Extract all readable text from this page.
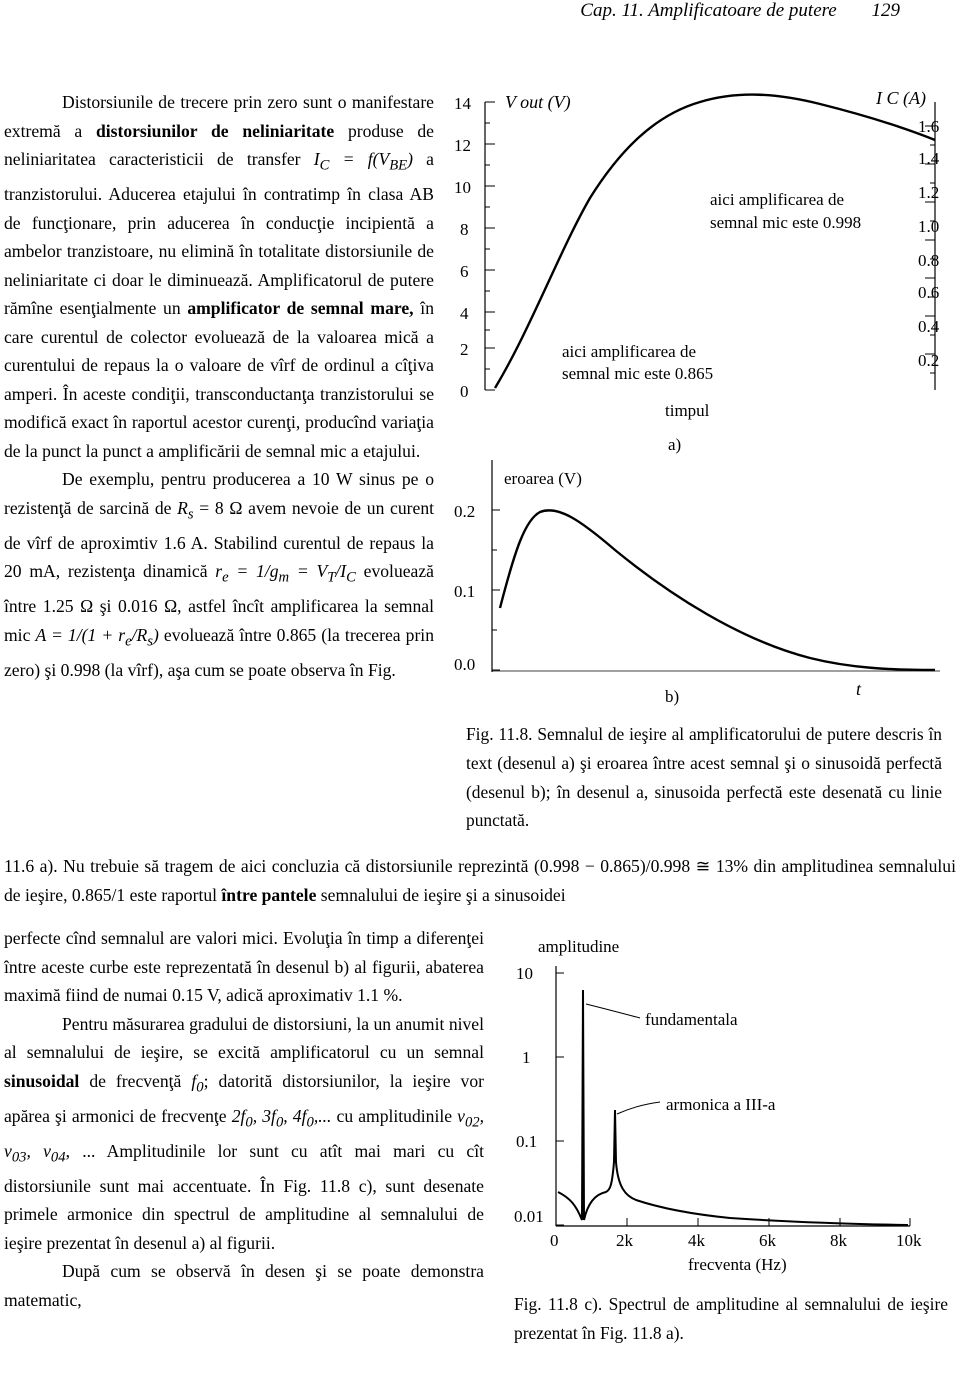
Cap. 11. Amplificatoare de putere 129

Distorsiunile de trecere prin zero sunt o manifestare extremă a distorsiunilor de neliniaritate produse de neliniaritatea caracteristicii de transfer $I_C = f(V_{BE})$ a tranzistorului. Aducerea etajului în contratimp în clasa AB de funcţionare, prin aducerea în conducţie incipientă a ambelor tranzistoare, nu elimină în totalitate distorsiunile de neliniaritate ci doar le diminuează. Amplificatorul de putere rămîne esenţialmente un amplificator de semnal mare, în care curentul de colector evoluează de la valoarea mică a curentului de repaus la o valoare de vîrf de ordinul a cîţiva amperi. În aceste condiţii, transconductanţa tranzistorului se modifică exact în raportul acestor curenţi, producînd variaţia de la punct la punct a amplificării de semnal mic a etajului.

De exemplu, pentru producerea a 10 W sinus pe o rezistenţă de sarcină de $R_s = 8$ Ω avem nevoie de un curent de vîrf de aproximtiv 1.6 A. Stabilind curentul de repaus la 20 mA, rezistenţa dinamică $r_e = 1/g_m = V_T/I_C$ evoluează între 1.25 Ω şi 0.016 Ω, astfel încît amplificarea la semnal mic $A = 1/(1 + r_e/R_s)$ evoluează între 0.865 (la trecerea prin zero) şi 0.998 (la vîrf), aşa cum se poate observa în Fig.

11.6 a). Nu trebuie să tragem de aici concluzia că distorsiunile reprezintă (0.998 − 0.865)/0.998 ≅ 13% din amplitudinea semnalului de ieşire, 0.865/1 este raportul între pantele semnalului de ieşire şi a sinusoidei

perfecte cînd semnalul are valori mici. Evoluţia în timp a diferenţei între aceste curbe este reprezentată în desenul b) al figurii, abaterea maximă fiind de numai 0.15 V, adică aproximativ 1.1 %.

Pentru măsurarea gradului de distorsiuni, la un anumit nivel al semnalului de ieşire, se excită amplificatorul cu un semnal sinusoidal de frecvenţă $f_0$; datorită distorsiunilor, la ieşire vor apărea şi armonici de frecvenţe $2f_0$, $3f_0$, $4f_0$,... cu amplitudinile $v_{02}$, $v_{03}$, $v_{04}$, ... Amplitudinile lor sunt cu atît mai mari cu cît distorsiunile sunt mai accentuate. În Fig. 11.8 c), sunt desenate primele armonice din spectrul de amplitudine al semnalului de ieşire prezentat în desenul a) al figurii.

După cum se observă în desen şi se poate demonstra matematic,

14
12
10
8
6
4
2
0
1.6
1.4
1.2
1.0
0.8
0.6
0.4
0.2
V out (V)	I C (A)
aici amplificarea de
semnal mic este 0.998
aici amplificarea de
semnal mic este 0.865
timpul
a)
eroarea (V)
0.2
0.1
0.0
b)	t
Fig. 11.8. Semnalul de ieşire al amplificatorului de putere descris în text (desenul a) şi eroarea între acest semnal şi o sinusoidă perfectă (desenul b); în desenul a, sinusoida perfectă este desenată cu linie punctată.
amplitudine
10
1
0.1
0.01
0	2k	4k	6k	8k	10k
frecventa (Hz)
fundamentala
armonica a III-a
Fig. 11.8 c). Spectrul de amplitudine al semnalului de ieşire prezentat în Fig. 11.8 a).
